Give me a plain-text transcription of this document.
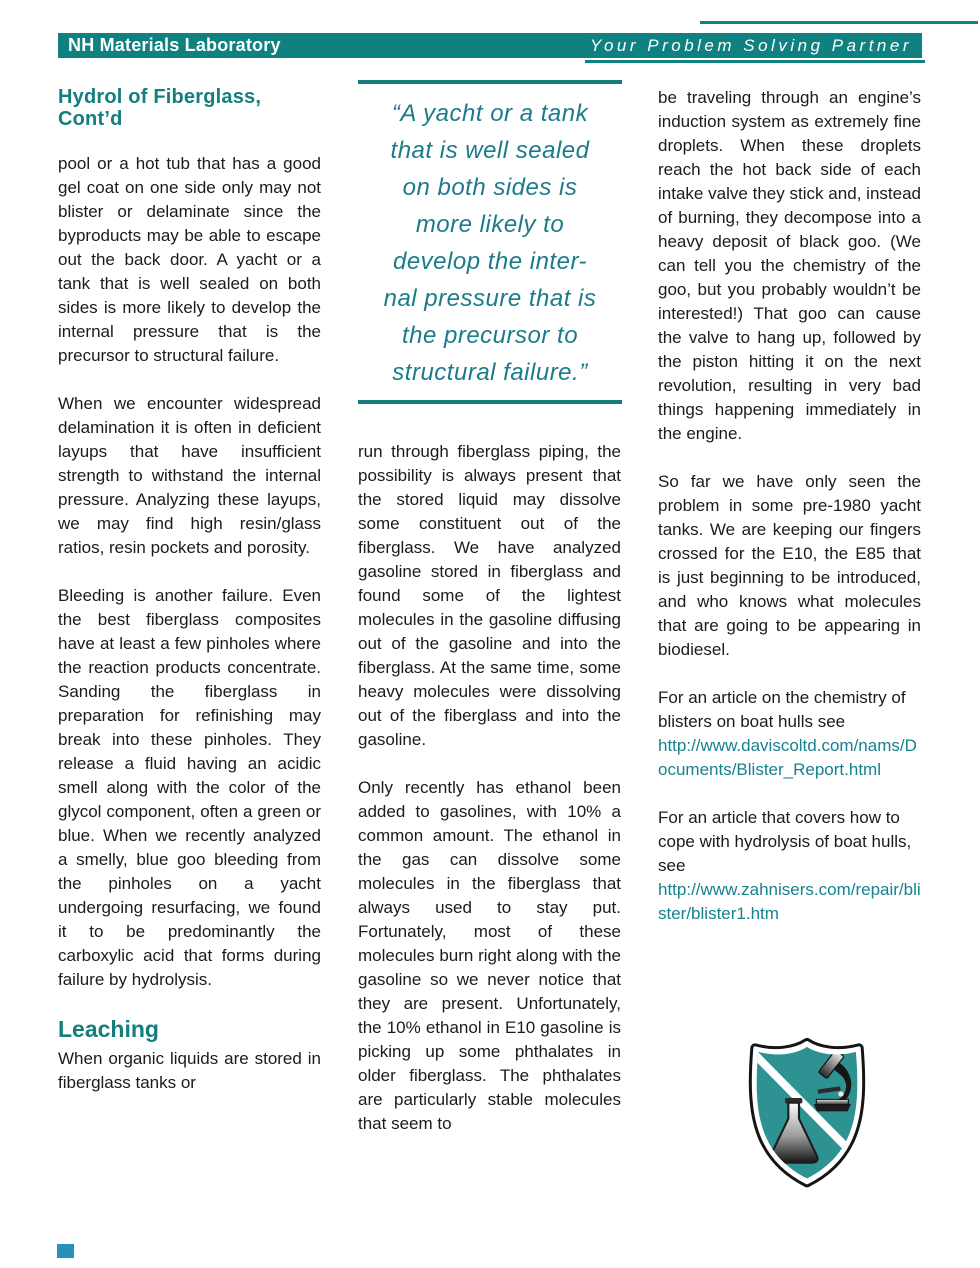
NH Materials Laboratory	Your Problem Solving Partner
Hydrol of Fiberglass, Cont’d

pool or a hot tub that has a good gel coat on one side only may not blister or delaminate since the byproducts may be able to escape out the back door. A yacht or a tank that is well sealed on both sides is more likely to develop the internal pressure that is the precursor to structural failure.

When we encounter widespread delamination it is often in deficient layups that have insufficient strength to withstand the internal pressure. Analyzing these layups, we may find high resin/glass ratios, resin pockets and porosity.

Bleeding is another failure. Even the best fiberglass composites have at least a few pinholes where the reaction products concentrate. Sanding the fiberglass in preparation for refinishing may break into these pinholes. They release a fluid having an acidic smell along with the color of the glycol component, often a green or blue. When we recently analyzed a smelly, blue goo bleeding from the pinholes on a yacht undergoing resurfacing, we found it to be predominantly the carboxylic acid that forms during failure by hydrolysis.

Leaching

When organic liquids are stored in fiberglass tanks or

“A yacht or a tank
that is well sealed
on both sides is
more likely to
develop the inter-
nal pressure that is
the precursor to
structural failure.”

run through fiberglass piping, the possibility is always present that the stored liquid may dissolve some constituent out of the fiberglass. We have analyzed gasoline stored in fiberglass and found some of the lightest molecules in the gasoline diffusing out of the gasoline and into the fiberglass. At the same time, some heavy molecules were dissolving out of the fiberglass and into the gasoline.

Only recently has ethanol been added to gasolines, with 10% a common amount. The ethanol in the gas can dissolve some molecules in the fiberglass that always used to stay put. Fortunately, most of these molecules burn right along with the gasoline so we never notice that they are present. Unfortunately, the 10% ethanol in E10 gasoline is picking up some phthalates in older fiberglass. The phthalates are particularly stable molecules that seem to

be traveling through an engine’s induction system as extremely fine droplets. When these droplets reach the hot back side of each intake valve they stick and, instead of burning, they decompose into a heavy deposit of black goo. (We can tell you the chemistry of the goo, but you probably wouldn’t be interested!) That goo can cause the valve to hang up, followed by the piston hitting it on the next revolution, resulting in very bad things happening immediately in the engine.

So far we have only seen the problem in some pre-1980 yacht tanks. We are keeping our fingers crossed for the E10, the E85 that is just beginning to be introduced, and who knows what molecules that are going to be appearing in biodiesel.

For an article on the chemistry of blisters on boat hulls see
http://www.daviscoltd.com/nams/Documents/Blister_Report.html

For an article that covers how to cope with hydrolysis of boat hulls, see
http://www.zahnisers.com/repair/blister/blister1.htm
